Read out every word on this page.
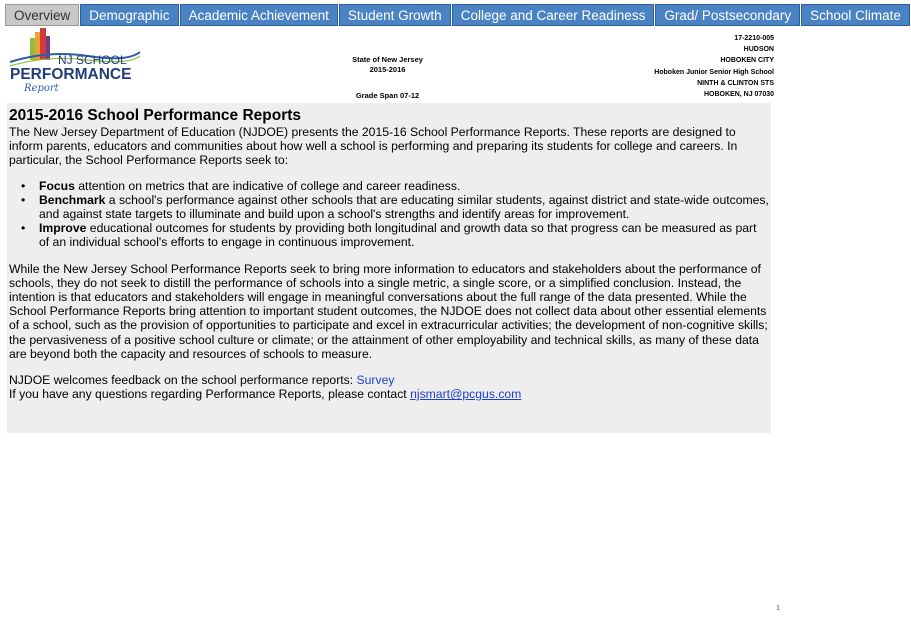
Overview	Demographic	Academic Achievement	Student Growth	College and Career Readiness	Grad/ Postsecondary	School Climate
NJ SCHOOL
PERFORMANCE
Report
State of New Jersey
2015-2016
Grade Span 07-12
17-2210-005
HUDSON
HOBOKEN CITY
Hoboken Junior Senior High School
NINTH & CLINTON STS
HOBOKEN, NJ 07030
2015-2016 School Performance Reports

The New Jersey Department of Education (NJDOE) presents the 2015-16 School Performance Reports. These reports are designed to inform parents, educators and communities about how well a school is performing and preparing its students for college and careers. In particular, the School Performance Reports seek to:

• Focus attention on metrics that are indicative of college and career readiness.
• Benchmark a school's performance against other schools that are educating similar students, against district and state-wide outcomes, and against state targets to illuminate and build upon a school's strengths and identify areas for improvement.
• Improve educational outcomes for students by providing both longitudinal and growth data so that progress can be measured as part of an individual school's efforts to engage in continuous improvement.

While the New Jersey School Performance Reports seek to bring more information to educators and stakeholders about the performance of schools, they do not seek to distill the performance of schools into a single metric, a single score, or a simplified conclusion. Instead, the intention is that educators and stakeholders will engage in meaningful conversations about the full range of the data presented. While the School Performance Reports bring attention to important student outcomes, the NJDOE does not collect data about other essential elements of a school, such as the provision of opportunities to participate and excel in extracurricular activities; the development of non-cognitive skills; the pervasiveness of a positive school culture or climate; or the attainment of other employability and technical skills, as many of these data are beyond both the capacity and resources of schools to measure.

NJDOE welcomes feedback on the school performance reports: Survey

If you have any questions regarding Performance Reports, please contact njsmart@pcgus.com

1
